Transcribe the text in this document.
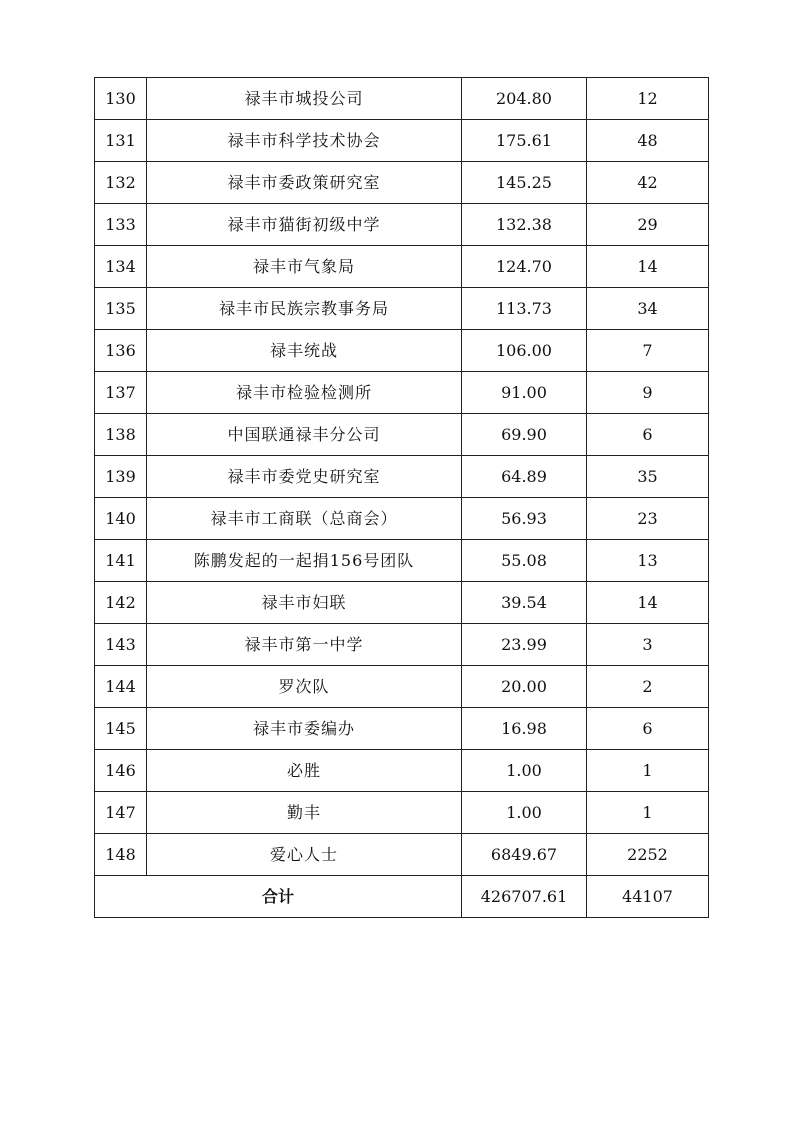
130	禄丰市城投公司	204.80	12
131	禄丰市科学技术协会	175.61	48
132	禄丰市委政策研究室	145.25	42
133	禄丰市猫街初级中学	132.38	29
134	禄丰市气象局	124.70	14
135	禄丰市民族宗教事务局	113.73	34
136	禄丰统战	106.00	7
137	禄丰市检验检测所	91.00	9
138	中国联通禄丰分公司	69.90	6
139	禄丰市委党史研究室	64.89	35
140	禄丰市工商联（总商会）	56.93	23
141	陈鹏发起的一起捐156号团队	55.08	13
142	禄丰市妇联	39.54	14
143	禄丰市第一中学	23.99	3
144	罗次队	20.00	2
145	禄丰市委编办	16.98	6
146	必胜	1.00	1
147	勤丰	1.00	1
148	爱心人士	6849.67	2252
合计		426707.61	44107
